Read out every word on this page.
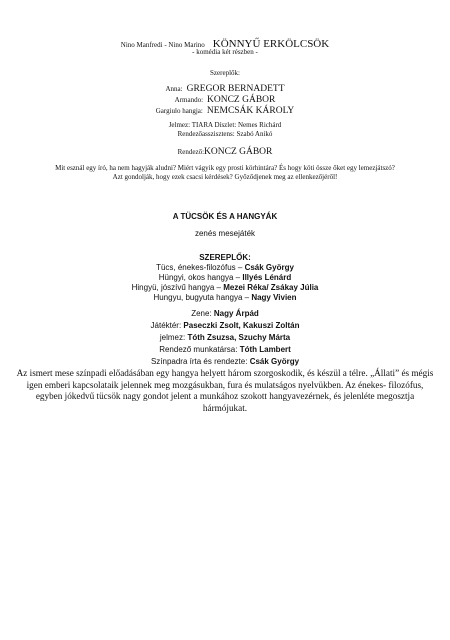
Nino Manfredi - Nino Marino KÖNNYŰ ERKÖLCSÖK
- komédia két részben -
Szereplők:
Anna: GREGOR BERNADETT
Armando: KONCZ GÁBOR
Gargiulo hangja: NEMCSÁK KÁROLY
Jelmez: TIARA Díszlet: Nemes Richárd
Rendezőasszisztens: Szabó Anikó
Rendező:KONCZ GÁBOR
Mit esznál egy író, ha nem hagyják aludni? Miért vágyik egy prosti körhintára? És hogy köti össze őket egy lemezjátszó?
Azt gondolják, hogy ezek csacsi kérdések? Győződjenek meg az ellenkezőjéről!
A TÜCSÖK ÉS A HANGYÁK
zenés mesejáték
SZEREPLŐK:
Tücs, énekes-filozófus – Csák György
Hüngyi, okos hangya – Illyés Lénárd
Hingyü, jószívű hangya – Mezei Réka/ Zsákay Júlia
Hungyu, bugyuta hangya – Nagy Vivien
Zene: Nagy Árpád
Játéktér: Paseczki Zsolt, Kakuszi Zoltán
jelmez: Tóth Zsuzsa, Szuchy Márta
Rendező munkatársa: Tóth Lambert
Színpadra írta és rendezte: Csák György
Az ismert mese színpadi előadásában egy hangya helyett három szorgoskodik, és készül a télre. „Állati” és mégis igen emberi kapcsolataik jelennek meg mozgásukban, fura és mulatságos nyelvükben. Az énekes- filozófus, egyben jókedvű tücsök nagy gondot jelent a munkához szokott hangyavezérnek, és jelenléte megosztja hármójukat.
